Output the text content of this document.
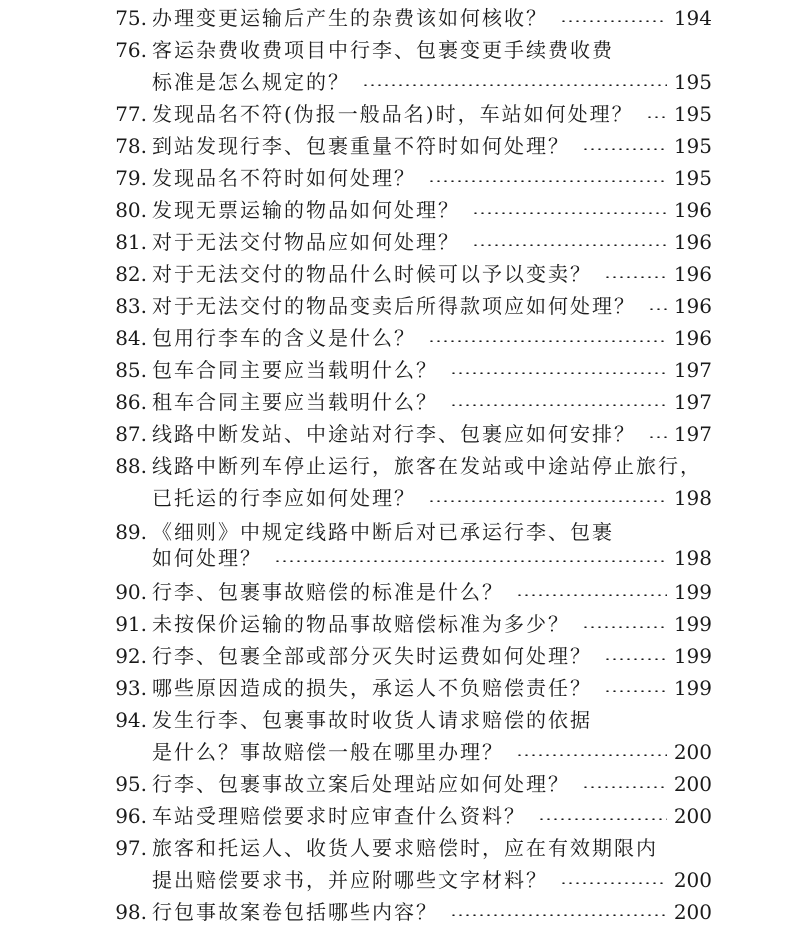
75. 办理变更运输后产生的杂费该如何核收？	194
76. 客运杂费收费项目中行李、包裹变更手续费收费
标准是怎么规定的？	195
77. 发现品名不符(伪报一般品名)时，车站如何处理？	195
78. 到站发现行李、包裹重量不符时如何处理？	195
79. 发现品名不符时如何处理？	195
80. 发现无票运输的物品如何处理？	196
81. 对于无法交付物品应如何处理？	196
82. 对于无法交付的物品什么时候可以予以变卖？	196
83. 对于无法交付的物品变卖后所得款项应如何处理？	196
84. 包用行李车的含义是什么？	196
85. 包车合同主要应当载明什么？	197
86. 租车合同主要应当载明什么？	197
87. 线路中断发站、中途站对行李、包裹应如何安排？	197
88. 线路中断列车停止运行，旅客在发站或中途站停止旅行，
已托运的行李应如何处理？	198
89. 《细则》中规定线路中断后对已承运行李、包裹
如何处理？	198
90. 行李、包裹事故赔偿的标准是什么？	199
91. 未按保价运输的物品事故赔偿标准为多少？	199
92. 行李、包裹全部或部分灭失时运费如何处理？	199
93. 哪些原因造成的损失，承运人不负赔偿责任？	199
94. 发生行李、包裹事故时收货人请求赔偿的依据
是什么？事故赔偿一般在哪里办理？	200
95. 行李、包裹事故立案后处理站应如何处理？	200
96. 车站受理赔偿要求时应审查什么资料？	200
97. 旅客和托运人、收货人要求赔偿时，应在有效期限内
提出赔偿要求书，并应附哪些文字材料？	200
98. 行包事故案卷包括哪些内容？	200
